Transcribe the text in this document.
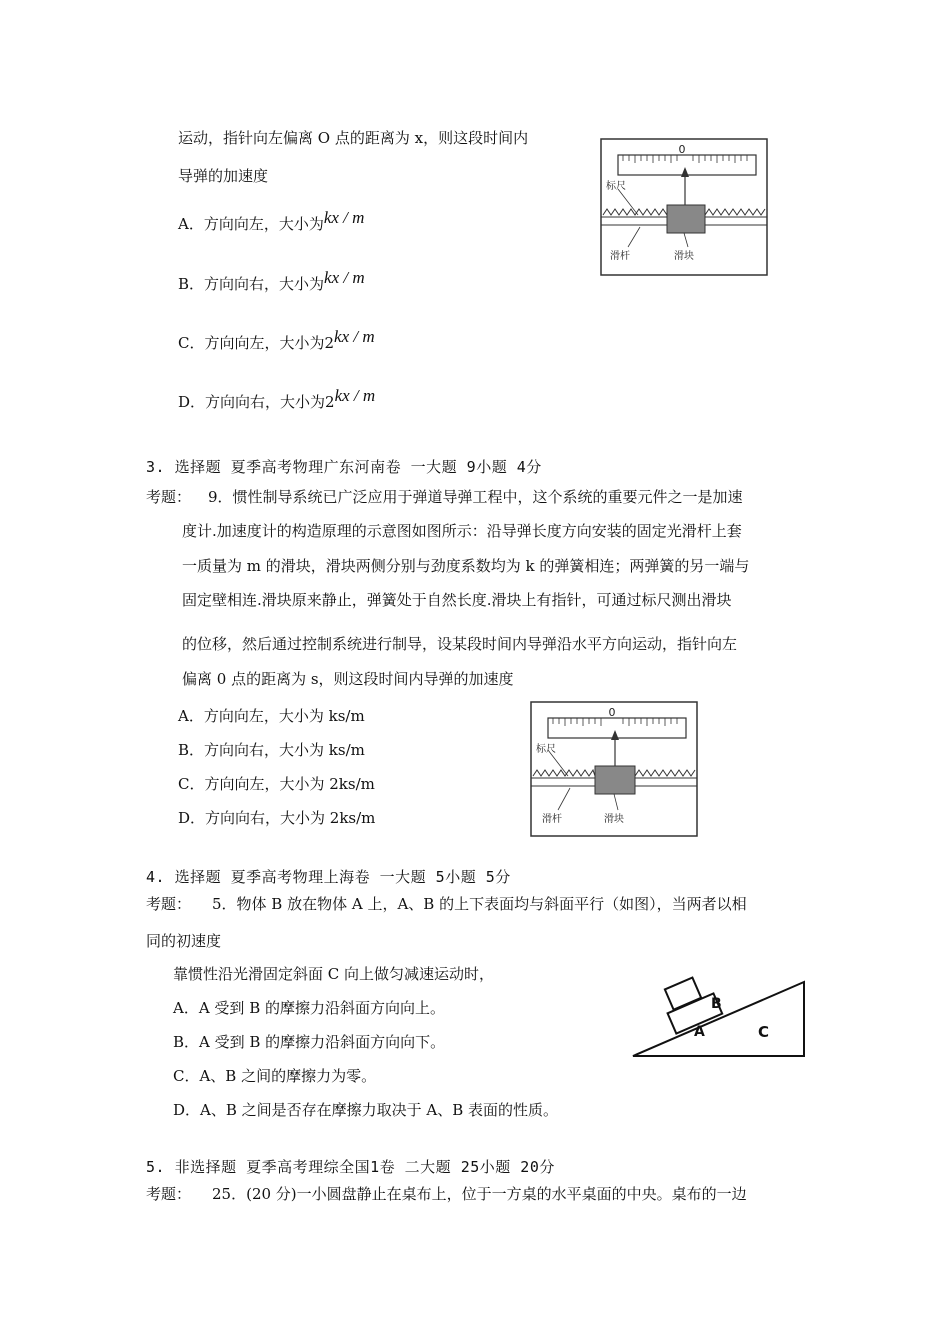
运动，指针向左偏离 O 点的距离为 x，则这段时间内
导弹的加速度
A．方向向左，大小为kx / m
B．方向向右，大小为kx / m
C．方向向左，大小为2kx / m
D．方向向右，大小为2kx / m
0
标尺
滑杆	滑块
3. 选择题 夏季高考物理广东河南卷 一大题 9小题 4分
考题： 9．惯性制导系统已广泛应用于弹道导弹工程中，这个系统的重要元件之一是加速
度计.加速度计的构造原理的示意图如图所示：沿导弹长度方向安装的固定光滑杆上套
一质量为 m 的滑块，滑块两侧分别与劲度系数均为 k 的弹簧相连；两弹簧的另一端与
固定壁相连.滑块原来静止，弹簧处于自然长度.滑块上有指针，可通过标尺测出滑块
的位移，然后通过控制系统进行制导，设某段时间内导弹沿水平方向运动，指针向左
偏离 0 点的距离为 s，则这段时间内导弹的加速度
A．方向向左，大小为 ks/m
B．方向向右，大小为 ks/m
C．方向向左，大小为 2ks/m
D．方向向右，大小为 2ks/m
0
标尺
滑杆	滑块
4. 选择题 夏季高考物理上海卷 一大题 5小题 5分
考题： 5．物体 B 放在物体 A 上，A、B 的上下表面均与斜面平行（如图），当两者以相
同的初速度
靠惯性沿光滑固定斜面 C 向上做匀减速运动时，
A．A 受到 B 的摩擦力沿斜面方向向上。
B．A 受到 B 的摩擦力沿斜面方向向下。
C．A、B 之间的摩擦力为零。
D．A、B 之间是否存在摩擦力取决于 A、B 表面的性质。
A
B
C
5. 非选择题 夏季高考理综全国1卷 二大题 25小题 20分
考题： 25．(20 分)一小圆盘静止在桌布上，位于一方桌的水平桌面的中央。桌布的一边
